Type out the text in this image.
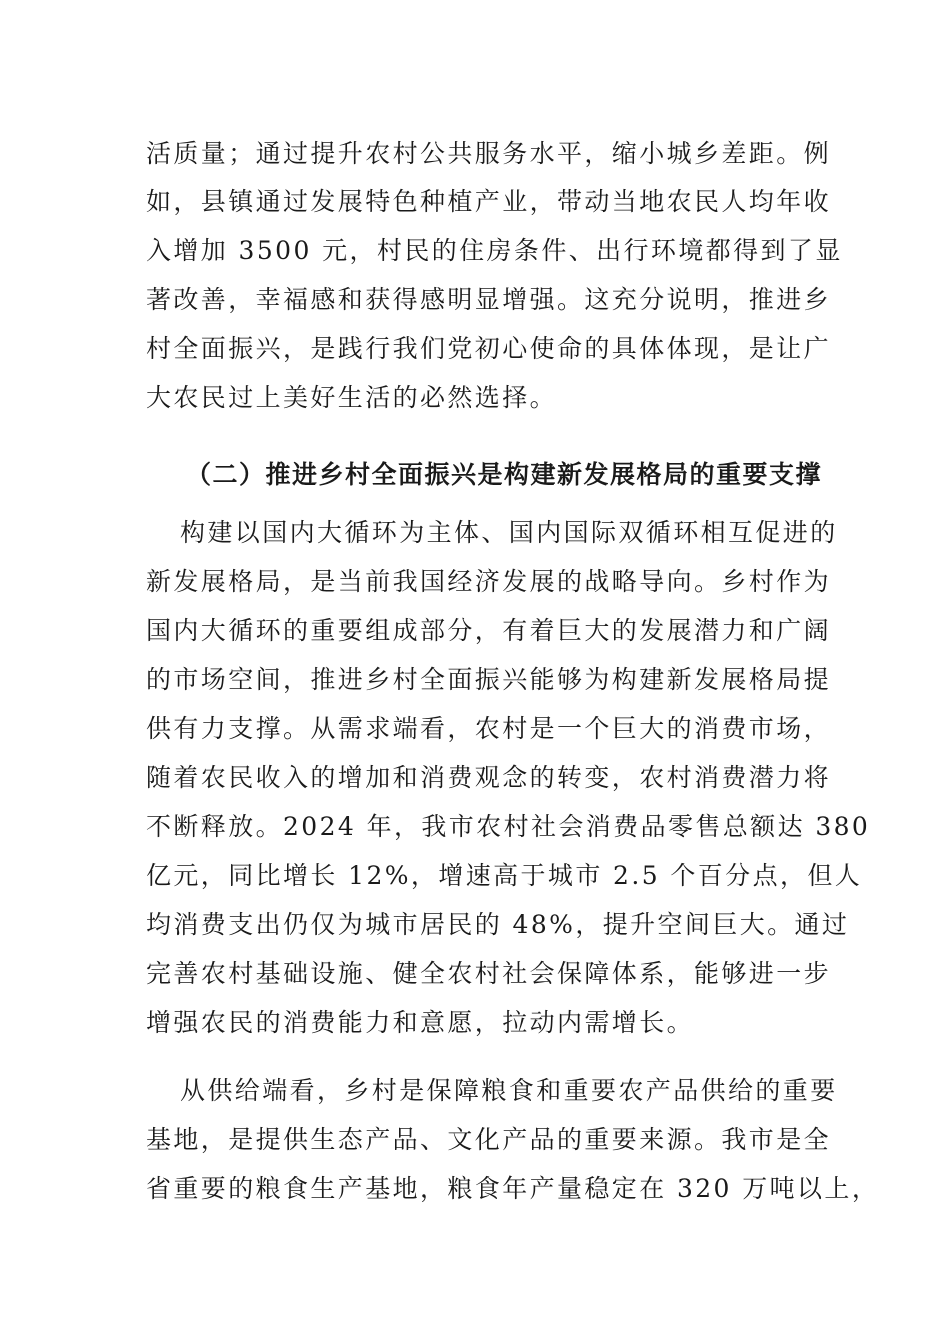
活质量；通过提升农村公共服务水平，缩小城乡差距。例

如，县镇通过发展特色种植产业，带动当地农民人均年收

入增加 3500 元，村民的住房条件、出行环境都得到了显

著改善，幸福感和获得感明显增强。这充分说明，推进乡

村全面振兴，是践行我们党初心使命的具体体现，是让广

大农民过上美好生活的必然选择。

（二）推进乡村全面振兴是构建新发展格局的重要支撑

构建以国内大循环为主体、国内国际双循环相互促进的

新发展格局，是当前我国经济发展的战略导向。乡村作为

国内大循环的重要组成部分，有着巨大的发展潜力和广阔

的市场空间，推进乡村全面振兴能够为构建新发展格局提

供有力支撑。从需求端看，农村是一个巨大的消费市场，

随着农民收入的增加和消费观念的转变，农村消费潜力将

不断释放。2024 年，我市农村社会消费品零售总额达 380

亿元，同比增长 12%，增速高于城市 2.5 个百分点，但人

均消费支出仍仅为城市居民的 48%，提升空间巨大。通过

完善农村基础设施、健全农村社会保障体系，能够进一步

增强农民的消费能力和意愿，拉动内需增长。

从供给端看，乡村是保障粮食和重要农产品供给的重要

基地，是提供生态产品、文化产品的重要来源。我市是全

省重要的粮食生产基地，粮食年产量稳定在 320 万吨以上，
